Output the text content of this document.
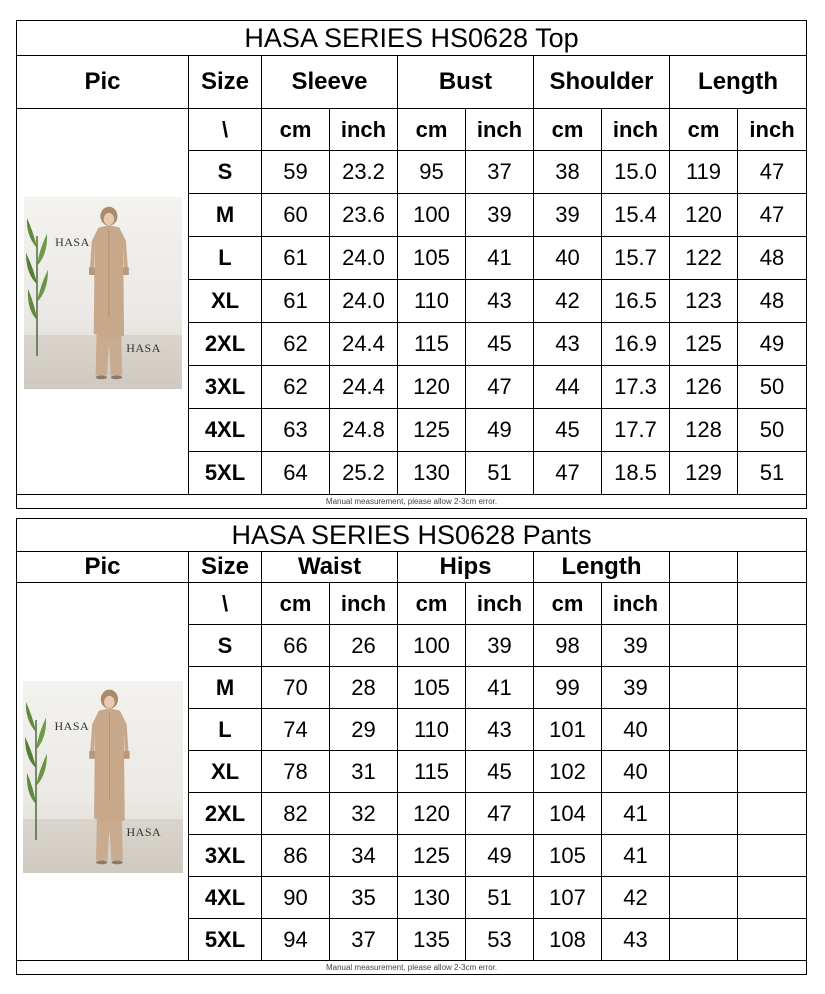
HASA SERIES HS0628 Top									
Pic	Size	Sleeve		Bust		Shoulder		Length	

HASA
HASA	\	cm	inch	cm	inch	cm	inch	cm	inch
	S	59	23.2	95	37	38	15.0	119	47
	M	60	23.6	100	39	39	15.4	120	47
	L	61	24.0	105	41	40	15.7	122	48
	XL	61	24.0	110	43	42	16.5	123	48
	2XL	62	24.4	115	45	43	16.9	125	49
	3XL	62	24.4	120	47	44	17.3	126	50
	4XL	63	24.8	125	49	45	17.7	128	50
	5XL	64	25.2	130	51	47	18.5	129	51
Manual measurement, please allow 2-3cm error.									
HASA SERIES HS0628 Pants									
Pic	Size	Waist		Hips		Length			

HASA
HASA	\	cm	inch	cm	inch	cm	inch		
	S	66	26	100	39	98	39		
	M	70	28	105	41	99	39		
	L	74	29	110	43	101	40		
	XL	78	31	115	45	102	40		
	2XL	82	32	120	47	104	41		
	3XL	86	34	125	49	105	41		
	4XL	90	35	130	51	107	42		
	5XL	94	37	135	53	108	43		
Manual measurement, please allow 2-3cm error.									
